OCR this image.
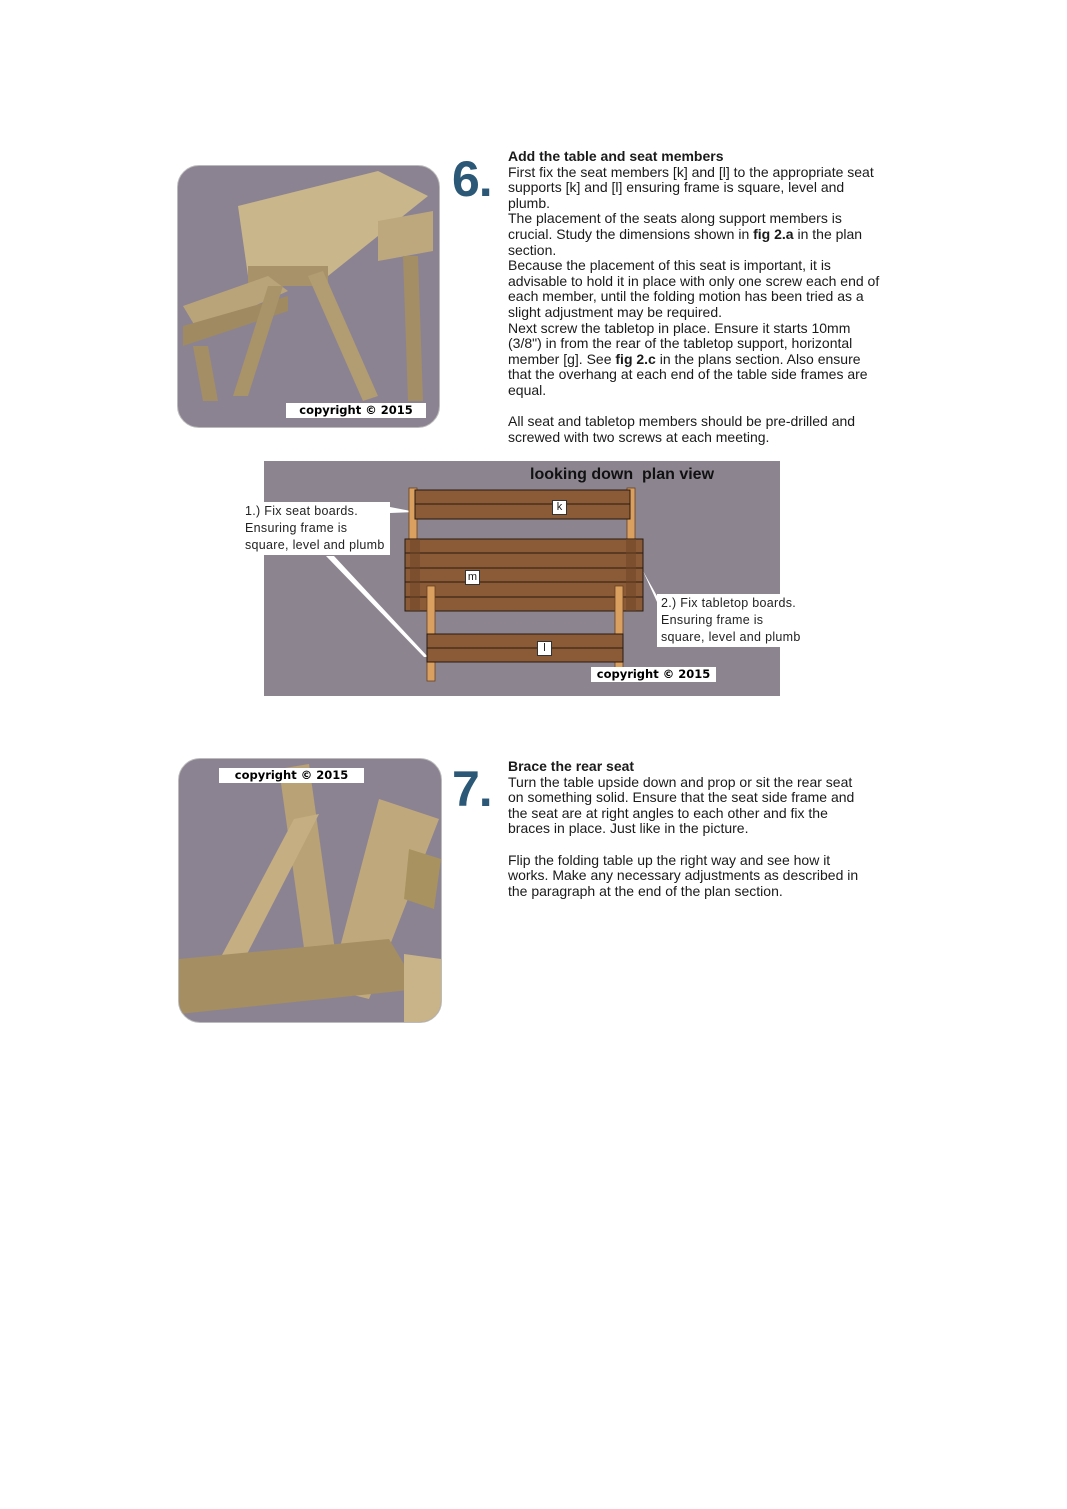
copyright © 2015
6. Add the table and seat members

First fix the seat members [k] and [l] to the appropriate seat supports [k] and [l] ensuring frame is square, level and plumb.

The placement of the seats along support members is crucial. Study the dimensions shown in fig 2.a in the plan section.

Because the placement of this seat is important, it is advisable to hold it in place with only one screw each end of each member, until the folding motion has been tried as a slight adjustment may be required.

Next screw the tabletop in place. Ensure it starts 10mm (3/8") in from the rear of the tabletop support, horizontal member [g]. See fig 2.c in the plans section. Also ensure that the overhang at each end of the table side frames are equal.

All seat and tabletop members should be pre-drilled and screwed with two screws at each meeting.

looking down  plan view
k
m
l
1.) Fix seat boards.
Ensuring frame is
square, level and plumb
2.) Fix tabletop boards.
Ensuring frame is
square, level and plumb
copyright © 2015
copyright © 2015	7. Brace the rear seat

Turn the table upside down and prop or sit the rear seat on something solid. Ensure that the seat side frame and the seat are at right angles to each other and fix the braces in place. Just like in the picture.

Flip the folding table up the right way and see how it works. Make any necessary adjustments as described in the paragraph at the end of the plan section.
